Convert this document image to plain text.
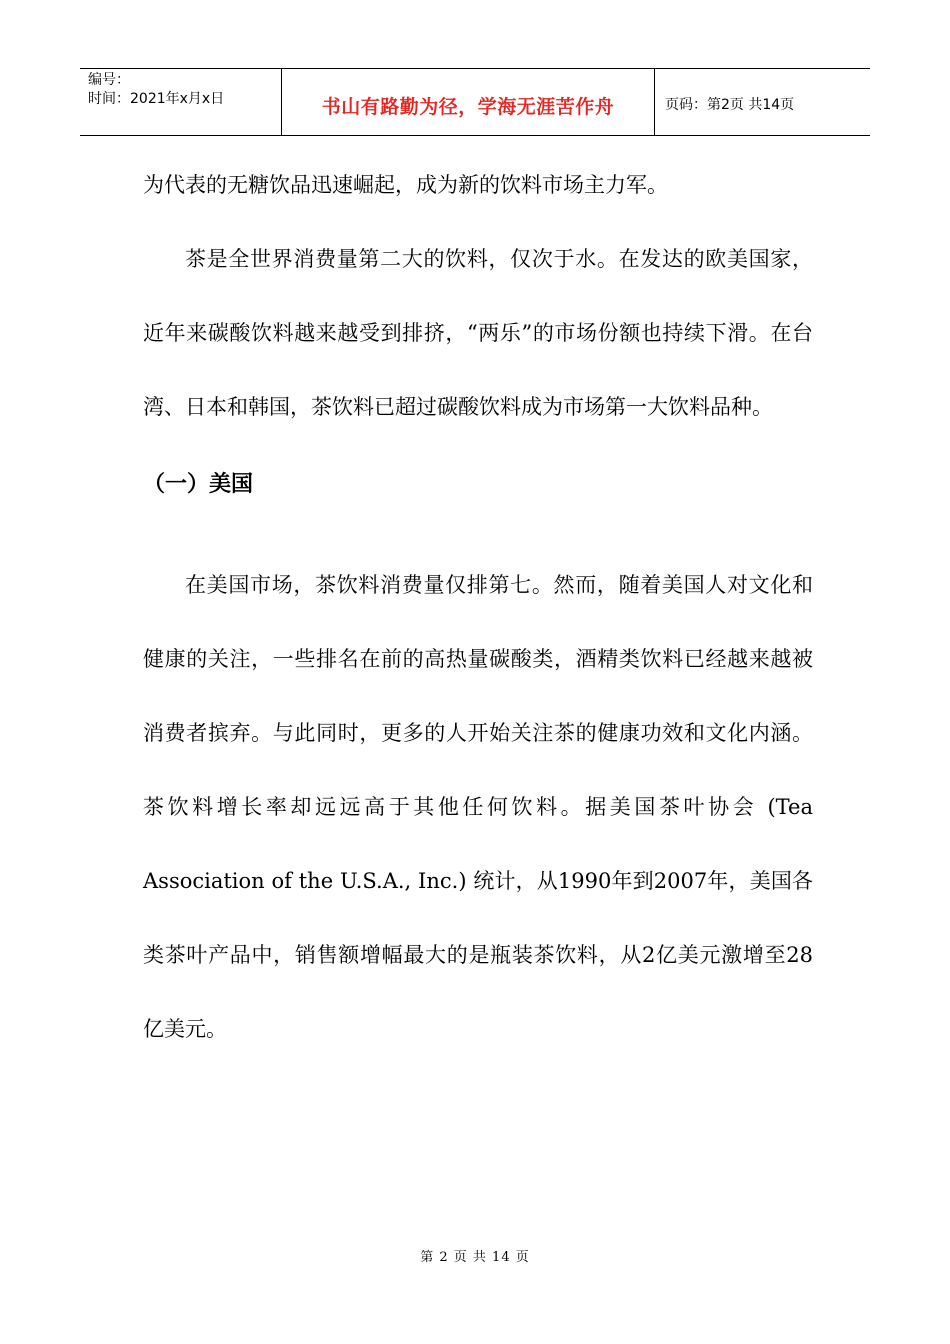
编号：
时间：2021年x月x日	书山有路勤为径，学海无涯苦作舟	页码：第2页 共14页

为代表的无糖饮品迅速崛起，成为新的饮料市场主力军。

茶是全世界消费量第二大的饮料，仅次于水。在发达的欧美国家，近年来碳酸饮料越来越受到排挤，“两乐”的市场份额也持续下滑。在台湾、日本和韩国，茶饮料已超过碳酸饮料成为市场第一大饮料品种。

（一）美国

在美国市场，茶饮料消费量仅排第七。然而，随着美国人对文化和健康的关注，一些排名在前的高热量碳酸类，酒精类饮料已经越来越被消费者摈弃。与此同时，更多的人开始关注茶的健康功效和文化内涵。茶饮料增长率却远远高于其他任何饮料。据美国茶叶协会 (Tea Association of the U.S.A., Inc.) 统计，从1990年到2007年，美国各类茶叶产品中，销售额增幅最大的是瓶装茶饮料，从2亿美元激增至28亿美元。

第 2 页 共 14 页
